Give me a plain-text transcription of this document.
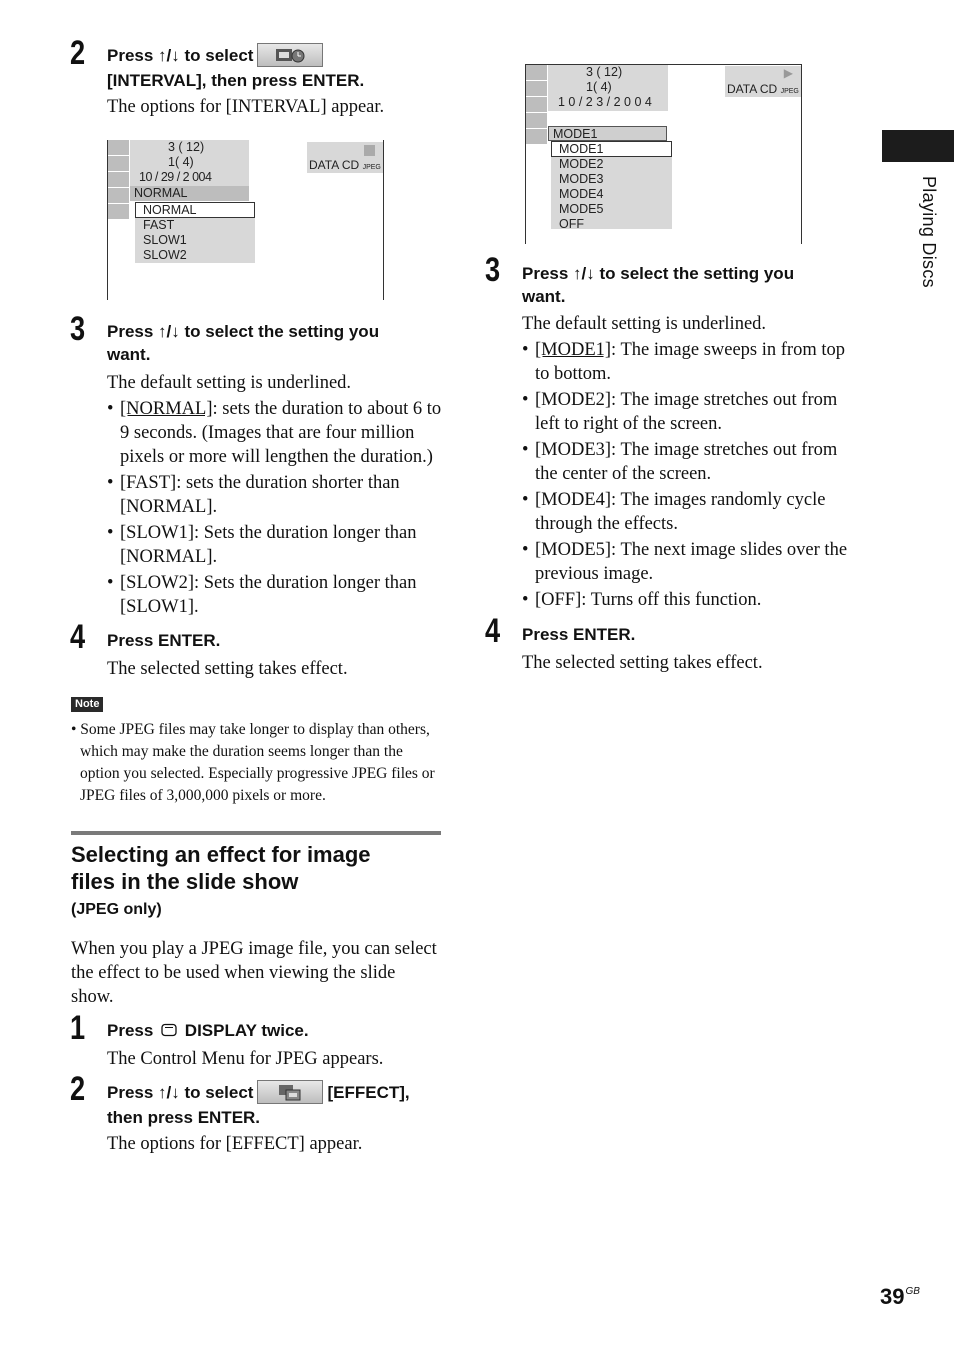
2 Press ↑/↓ to select

[INTERVAL], then press ENTER.
The options for [INTERVAL] appear.
3 ( 12)
1( 4)
10 / 29 / 2 004
DATA CD JPEG
NORMAL
NORMAL
FAST
SLOW1
SLOW2
3 Press ↑/↓ to select the setting you
want.
The default setting is underlined.
• [NORMAL]: sets the duration to about 6 to 9 seconds. (Images that are four million pixels or more will lengthen the duration.)
• [FAST]: sets the duration shorter than [NORMAL].
• [SLOW1]: Sets the duration longer than [NORMAL].
• [SLOW2]: Sets the duration longer than [SLOW1].
4 Press ENTER.
The selected setting takes effect.
Note
• Some JPEG files may take longer to display than others, which may make the duration seems longer than the option you selected. Especially progressive JPEG files or JPEG files of 3,000,000 pixels or more.
Selecting an effect for image
files in the slide show
(JPEG only)
When you play a JPEG image file, you can select the effect to be used when viewing the slide show.
1 Press DISPLAY twice.
The Control Menu for JPEG appears.
2 Press ↑/↓ to select	[EFFECT],
then press ENTER.
The options for [EFFECT] appear.
3 ( 12)
1( 4)
1 0 / 2 3 / 2 0 0 4
▶
DATA CD JPEG
MODE1
MODE1
MODE2
MODE3
MODE4
MODE5
OFF
3 Press ↑/↓ to select the setting you
want.
The default setting is underlined.
• [MODE1]: The image sweeps in from top to bottom.
• [MODE2]: The image stretches out from left to right of the screen.
• [MODE3]: The image stretches out from the center of the screen.
• [MODE4]: The images randomly cycle through the effects.
• [MODE5]: The next image slides over the previous image.
• [OFF]: Turns off this function.
4 Press ENTER.
The selected setting takes effect.
Playing Discs
$39^{GB}$
